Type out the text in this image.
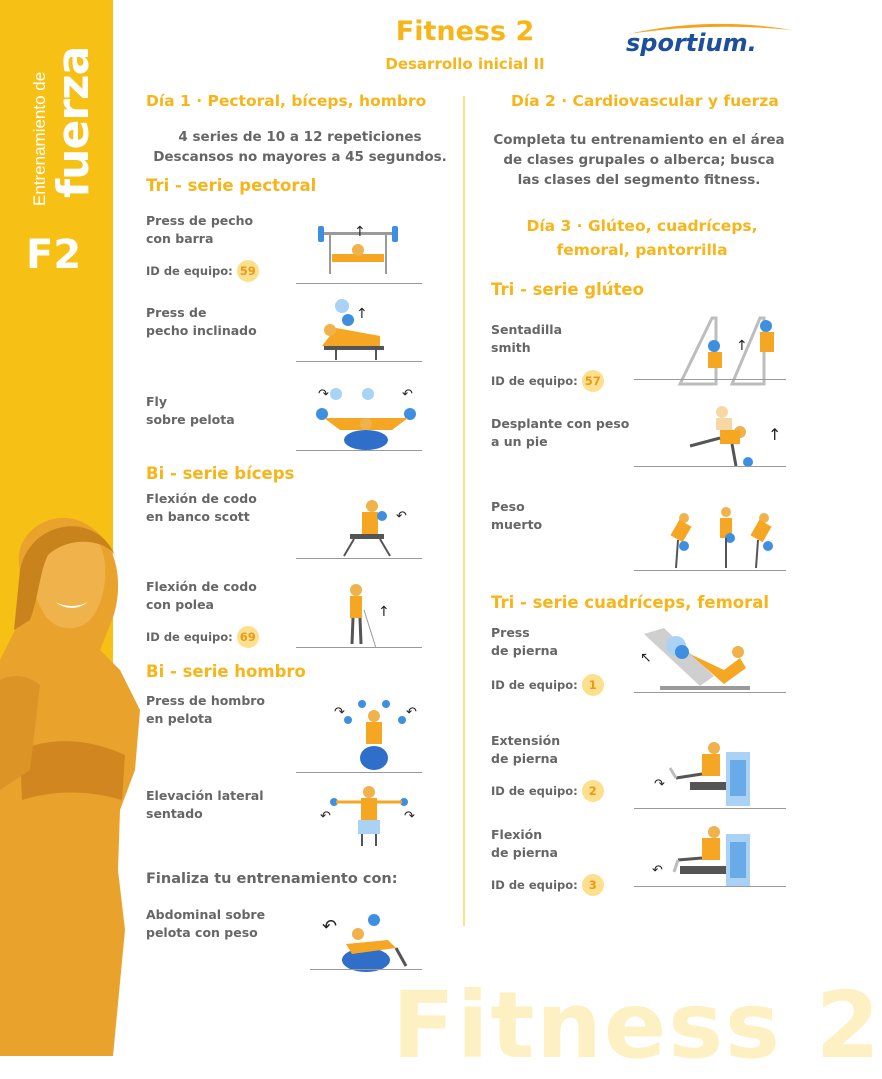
Entrenamiento de fuerza
F2
Fitness 2
Desarrollo inicial II
sportium.
Día 1 · Pectoral, bíceps, hombro
4 series de 10 a 12 repeticiones
Descansos no mayores a 45 segundos.
Tri - serie pectoral
Press de pecho
con barra
ID de equipo: 59
↑
Press de
pecho inclinado
↑
Fly
sobre pelota
↷	↶
Bi - serie bíceps
Flexión de codo
en banco scott	↶
Flexión de codo
con polea
ID de equipo: 69
↑
Bi - serie hombro
Press de hombro
en pelota	↷	↶
Elevación lateral
sentado	↶	↷
Finaliza tu entrenamiento con:
Abdominal sobre
pelota con peso	↶
Día 2 · Cardiovascular y fuerza
Completa tu entrenamiento en el área
de clases grupales o alberca; busca
las clases del segmento fitness.
Día 3 · Glúteo, cuadríceps,
femoral, pantorrilla
Tri - serie glúteo
Sentadilla
smith
ID de equipo: 57
↑
Desplante con peso
a un pie	↑
Peso
muerto
Tri - serie cuadríceps, femoral
Press
de pierna
ID de equipo: 1
↖
Extensión
de pierna
ID de equipo: 2	↷
Flexión
de pierna
ID de equipo: 3
↶
Fitness 2
